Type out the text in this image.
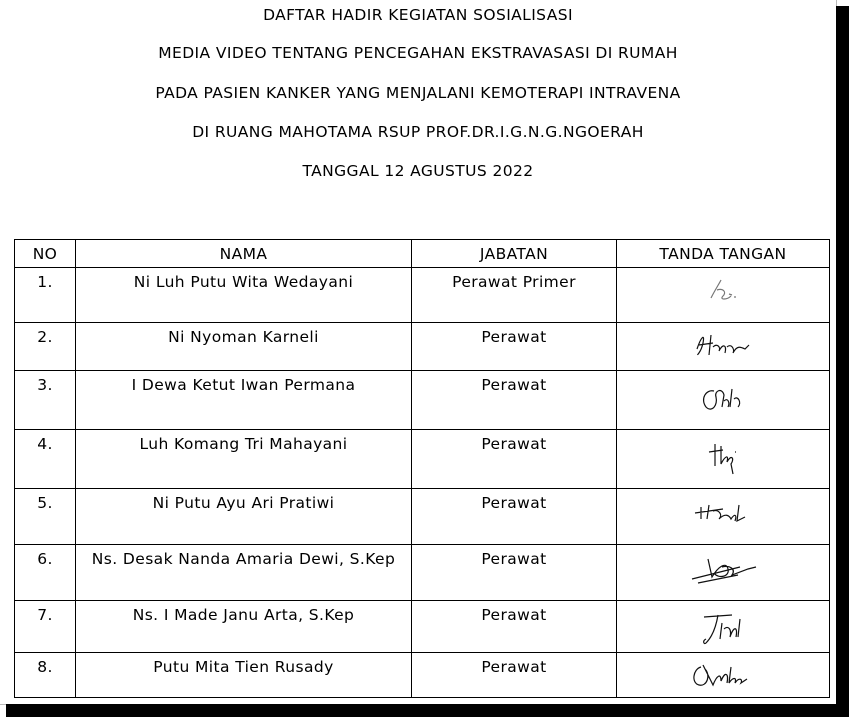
DAFTAR HADIR KEGIATAN SOSIALISASI
MEDIA VIDEO TENTANG PENCEGAHAN EKSTRAVASASI DI RUMAH
PADA PASIEN KANKER YANG MENJALANI KEMOTERAPI INTRAVENA
DI RUANG MAHOTAMA RSUP PROF.DR.I.G.N.G.NGOERAH
TANGGAL 12 AGUSTUS 2022
NO	NAMA	JABATAN	TANDA TANGAN
1.	Ni Luh Putu Wita Wedayani	Perawat Primer	

2.	Ni Nyoman Karneli	Perawat	

3.	I Dewa Ketut Iwan Permana	Perawat	

4.	Luh Komang Tri Mahayani	Perawat	

5.	Ni Putu Ayu Ari Pratiwi	Perawat	

6.	Ns. Desak Nanda Amaria Dewi, S.Kep	Perawat	

7.	Ns. I Made Janu Arta, S.Kep	Perawat	

8.	Putu Mita Tien Rusady	Perawat	
